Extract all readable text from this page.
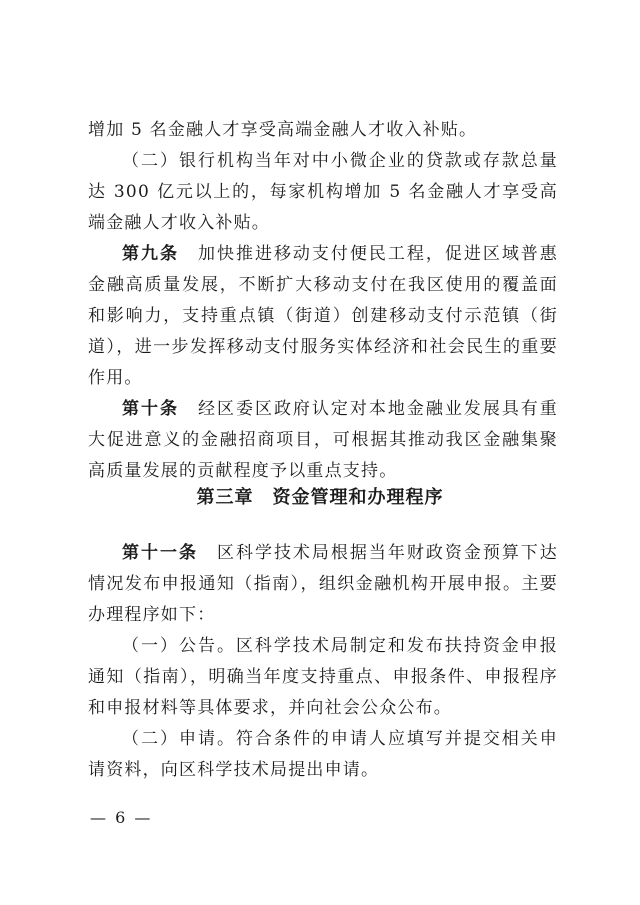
增加 5 名金融人才享受高端金融人才收入补贴。

（二）银行机构当年对中小微企业的贷款或存款总量达 300 亿元以上的，每家机构增加 5 名金融人才享受高端金融人才收入补贴。

第九条　 加快推进移动支付便民工程，促进区域普惠金融高质量发展，不断扩大移动支付在我区使用的覆盖面和影响力，支持重点镇（街道）创建移动支付示范镇（街道），进一步发挥移动支付服务实体经济和社会民生的重要作用。

第十条　 经区委区政府认定对本地金融业发展具有重大促进意义的金融招商项目，可根据其推动我区金融集聚高质量发展的贡献程度予以重点支持。

第三章　资金管理和办理程序

第十一条　 区科学技术局根据当年财政资金预算下达情况发布申报通知（指南），组织金融机构开展申报。主要办理程序如下：

（一）公告。区科学技术局制定和发布扶持资金申报通知（指南），明确当年度支持重点、申报条件、申报程序和申报材料等具体要求，并向社会公众公布。

（二）申请。符合条件的申请人应填写并提交相关申请资料，向区科学技术局提出申请。

— 6 —
